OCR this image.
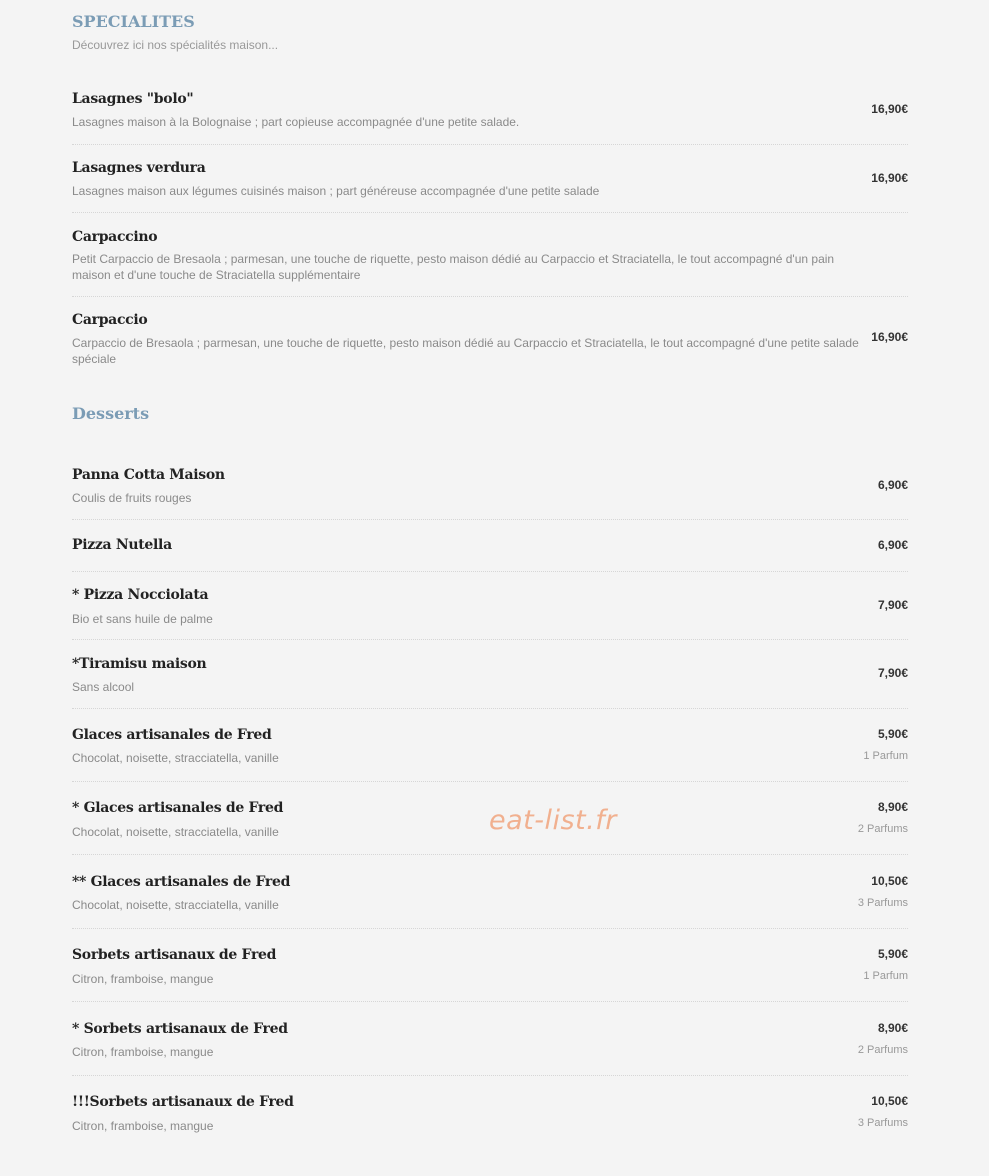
SPECIALITES

Découvrez ici nos spécialités maison...

Lasagnes "bolo"
Lasagnes maison à la Bolognaise ; part copieuse accompagnée d'une petite salade.
16,90€
Lasagnes verdura
Lasagnes maison aux légumes cuisinés maison ; part généreuse accompagnée d'une petite salade
16,90€
Carpaccino
Petit Carpaccio de Bresaola ; parmesan, une touche de riquette, pesto maison dédié au Carpaccio et Straciatella, le tout accompagné d'un pain maison et d'une touche de Straciatella supplémentaire
Carpaccio
Carpaccio de Bresaola ; parmesan, une touche de riquette, pesto maison dédié au Carpaccio et Straciatella, le tout accompagné d'une petite salade spéciale
16,90€
Desserts
Panna Cotta Maison
Coulis de fruits rouges
6,90€
Pizza Nutella	6,90€
* Pizza Nocciolata
Bio et sans huile de palme
7,90€
*Tiramisu maison
Sans alcool
7,90€
Glaces artisanales de Fred
Chocolat, noisette, stracciatella, vanille
5,90€
1 Parfum
* Glaces artisanales de Fred
Chocolat, noisette, stracciatella, vanille
8,90€
2 Parfums
** Glaces artisanales de Fred
Chocolat, noisette, stracciatella, vanille
10,50€
3 Parfums
Sorbets artisanaux de Fred
Citron, framboise, mangue
5,90€
1 Parfum
* Sorbets artisanaux de Fred
Citron, framboise, mangue
8,90€
2 Parfums
!!!Sorbets artisanaux de Fred
Citron, framboise, mangue
10,50€
3 Parfums
eat-list.fr
